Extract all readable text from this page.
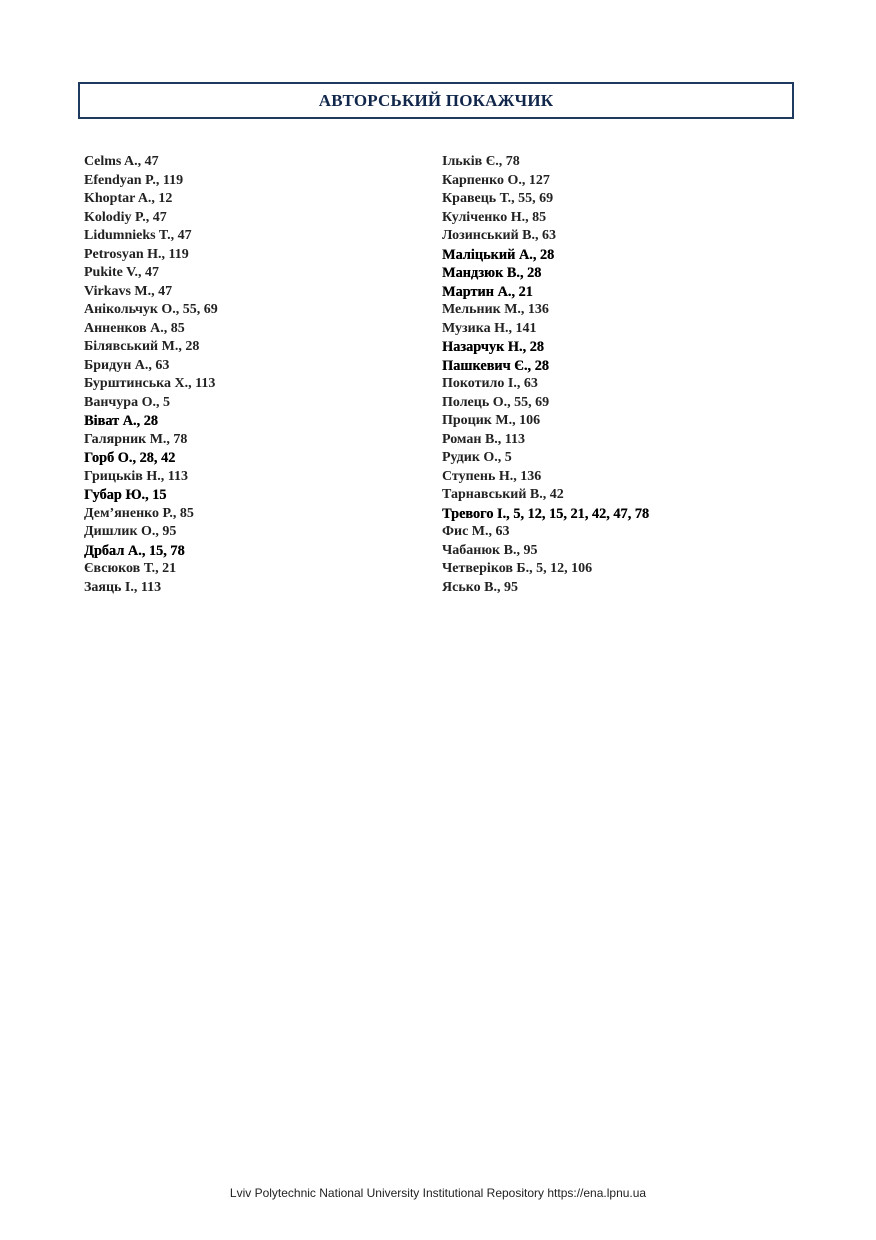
АВТОРСЬКИЙ ПОКАЖЧИК
Celms A., 47
Efendyan P., 119
Khoptar A., 12
Kolodiy P., 47
Lidumnieks T., 47
Petrosyan H., 119
Pukite V., 47
Virkavs M., 47
Анікольчук О., 55, 69
Анненков А., 85
Білявський М., 28
Бридун А., 63
Бурштинська Х., 113
Ванчура О., 5
Віват А., 28
Галярник М., 78
Горб О., 28, 42
Грицьків Н., 113
Губар Ю., 15
Дем’яненко Р., 85
Дишлик О., 95
Дрбал А., 15, 78
Євсюков Т., 21
Заяць І., 113
Ільків Є., 78
Карпенко О., 127
Кравець Т., 55, 69
Куліченко Н., 85
Лозинський В., 63
Маліцький А., 28
Мандзюк В., 28
Мартин А., 21
Мельник М., 136
Музика Н., 141
Назарчук Н., 28
Пашкевич Є., 28
Покотило І., 63
Полець О., 55, 69
Процик М., 106
Роман В., 113
Рудик О., 5
Ступень Н., 136
Тарнавський В., 42
Тревого І., 5, 12, 15, 21, 42, 47, 78
Фис М., 63
Чабанюк В., 95
Четверіков Б., 5, 12, 106
Ясько В., 95
Lviv Polytechnic National University Institutional Repository https://ena.lpnu.ua
